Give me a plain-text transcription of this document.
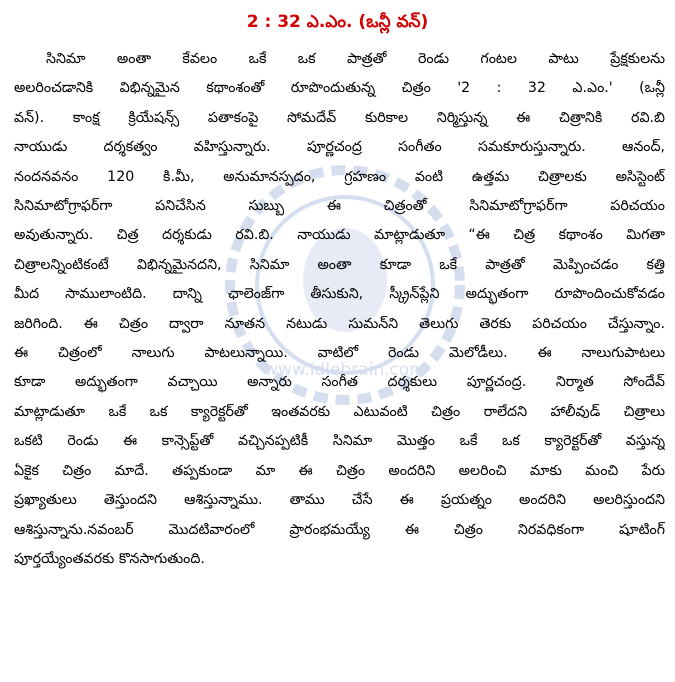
www.idlebrain.com
2 : 32 ఎ.ఎం. (ఒన్లీ వన్)
సినిమా అంతా కేవలం ఒకే ఒక పాత్రతో రెండు గంటల పాటు ప్రేక్షకులను
అలరించడానికి విభిన్నమైన కథాంశంతో రూపొందుతున్న చిత్రం '2 : 32 ఎ.ఎం.' (ఒన్లీ
వన్). కాంక్ష క్రియేషన్స్ పతాకంపై సోమదేవ్ కురికాల నిర్మిస్తున్న ఈ చిత్రానికి రవి.బి
నాయుడు దర్శకత్వం వహిస్తున్నారు. పూర్ణచంద్ర సంగీతం సమకూరుస్తున్నారు. ఆనంద్,
నందనవనం 120 కి.మీ, అనుమానస్పదం, గ్రహణం వంటి ఉత్తమ చిత్రాలకు అసిస్టెంట్
సినిమాటోగ్రాఫర్‌గా పనిచేసిన సుబ్బు ఈ చిత్రంతో సినిమాటోగ్రాఫర్‌గా పరిచయం
అవుతున్నారు. చిత్ర దర్శకుడు రవి.బి. నాయుడు మాట్లాడుతూ “ఈ చిత్ర కథాంశం మిగతా
చిత్రాలన్నింటికంటే విభిన్నమైనదని, సినిమా అంతా కూడా ఒకే పాత్రతో మెప్పించడం కత్తి
మీద సాములాంటిది. దాన్ని ఛాలెంజ్‌గా తీసుకుని, స్క్రీన్‌ప్లేని అద్భుతంగా రూపొందించుకోవడం
జరిగింది. ఈ చిత్రం ద్వారా నూతన నటుడు సుమన్‌ని తెలుగు తెరకు పరిచయం చేస్తున్నాం.
ఈ చిత్రంలో నాలుగు పాటలున్నాయి. వాటిలో రెండు మెలోడీలు. ఈ నాలుగుపాటలు
కూడా అద్భుతంగా వచ్చాయి అన్నారు సంగీత దర్శకులు పూర్ణచంద్ర. నిర్మాత సోందేవ్
మాట్లాడుతూ ఒకే ఒక క్యారెక్టర్‌తో ఇంతవరకు ఎటువంటి చిత్రం రాలేదని హాలీవుడ్ చిత్రాలు
ఒకటి రెండు ఈ కాన్సెప్ట్‌తో వచ్చినప్పటికీ సినిమా మొత్తం ఒకే ఒక క్యారెక్టర్‌తో వస్తున్న
ఏకైక చిత్రం మాదే. తప్పకుండా మా ఈ చిత్రం అందరిని అలరించి మాకు మంచి పేరు
ప్రఖ్యాతులు తెస్తుందని ఆశిస్తున్నాము. తాము చేసే ఈ ప్రయత్నం అందరిని అలరిస్తుందని
ఆశిస్తున్నాను.నవంబర్ మొదటివారంలో ప్రారంభమయ్యే ఈ చిత్రం నిరవధికంగా షూటింగ్
పూర్తయ్యేంతవరకు కొనసాగుతుంది.
